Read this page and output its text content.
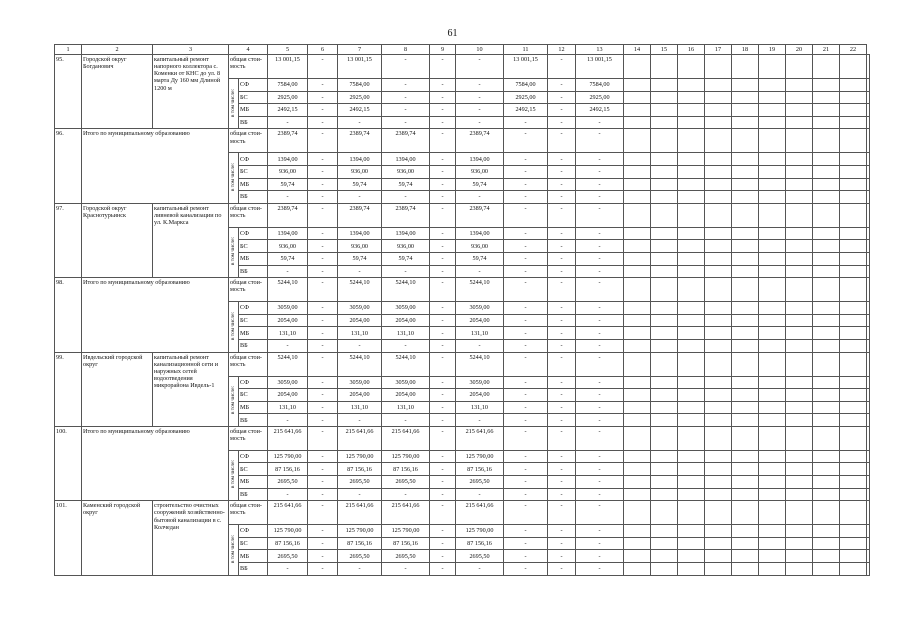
61
1	2	3	4		5	6	7	8	9	10	11	12	13	14	15	16	17	18	19	20	21	22	
95.	Городской округ Богданович	капитальный ремонт напорного коллектора с. Коменки от КНС до ул. 8 марта Ду 160 мм Длиной 1200 м	общая стои-мость		13 001,15	-	13 001,15	-	-	-	13 001,15	-	13 001,15										
			в том числе:	СФ	7584,00	-	7584,00	-	-	-	7584,00	-	7584,00										
				БС	2925,00	-	2925,00	-	-	-	2925,00	-	2925,00										
				МБ	2492,15	-	2492,15	-	-	-	2492,15	-	2492,15										
				ВБ	-	-	-	-	-	-	-	-	-										
96.	Итого по муниципальному образованию		общая стои-мость		2389,74	-	2389,74	2389,74	-	2389,74	-	-	-										
			в том числе:	СФ	1394,00	-	1394,00	1394,00	-	1394,00	-	-	-										
				БС	936,00	-	936,00	936,00	-	936,00	-	-	-										
				МБ	59,74	-	59,74	59,74	-	59,74	-	-	-										
				ВБ	-	-	-	-	-	-	-	-	-										
97.	Городской округ Краснотурьинск	капитальный ремонт ливневой канализации по ул. К.Маркса	общая стои-мость		2389,74	-	2389,74	2389,74	-	2389,74	-	-	-										
			в том числе:	СФ	1394,00	-	1394,00	1394,00	-	1394,00	-	-	-										
				БС	936,00	-	936,00	936,00	-	936,00	-	-	-										
				МБ	59,74	-	59,74	59,74	-	59,74	-	-	-										
				ВБ	-	-	-	-	-	-	-	-	-										
98.	Итого по муниципальному образованию		общая стои-мость		5244,10	-	5244,10	5244,10	-	5244,10	-	-	-										
			в том числе:	СФ	3059,00	-	3059,00	3059,00	-	3059,00	-	-	-										
				БС	2054,00	-	2054,00	2054,00	-	2054,00	-	-	-										
				МБ	131,10	-	131,10	131,10	-	131,10	-	-	-										
				ВБ	-	-	-	-	-	-	-	-	-										
99.	Ивдельский городской округ	капитальный ремонт канализационной сети и наружных сетей водоотведения микрорайона Ивдель-1	общая стои-мость		5244,10	-	5244,10	5244,10	-	5244,10	-	-	-										
			в том числе:	СФ	3059,00	-	3059,00	3059,00	-	3059,00	-	-	-										
				БС	2054,00	-	2054,00	2054,00	-	2054,00	-	-	-										
				МБ	131,10	-	131,10	131,10	-	131,10	-	-	-										
				ВБ	-	-	-	-	-	-	-	-	-										
100.	Итого по муниципальному образованию		общая стои-мость		215 641,66	-	215 641,66	215 641,66	-	215 641,66	-	-	-										
			в том числе:	СФ	125 790,00	-	125 790,00	125 790,00	-	125 790,00	-	-	-										
				БС	87 156,16	-	87 156,16	87 156,16	-	87 156,16	-	-	-										
				МБ	2695,50	-	2695,50	2695,50	-	2695,50	-	-	-										
				ВБ	-	-	-	-	-	-	-	-	-										
101.	Каменский городской округ	строительство очистных сооружений хозяйственно-бытовой канализации в с. Колчедан	общая стои-мость		215 641,66	-	215 641,66	215 641,66	-	215 641,66	-	-	-										
			в том числе:	СФ	125 790,00	-	125 790,00	125 790,00	-	125 790,00	-	-	-										
				БС	87 156,16	-	87 156,16	87 156,16	-	87 156,16	-	-	-										
				МБ	2695,50	-	2695,50	2695,50	-	2695,50	-	-	-										
				ВБ	-	-	-	-	-	-	-	-	-										
